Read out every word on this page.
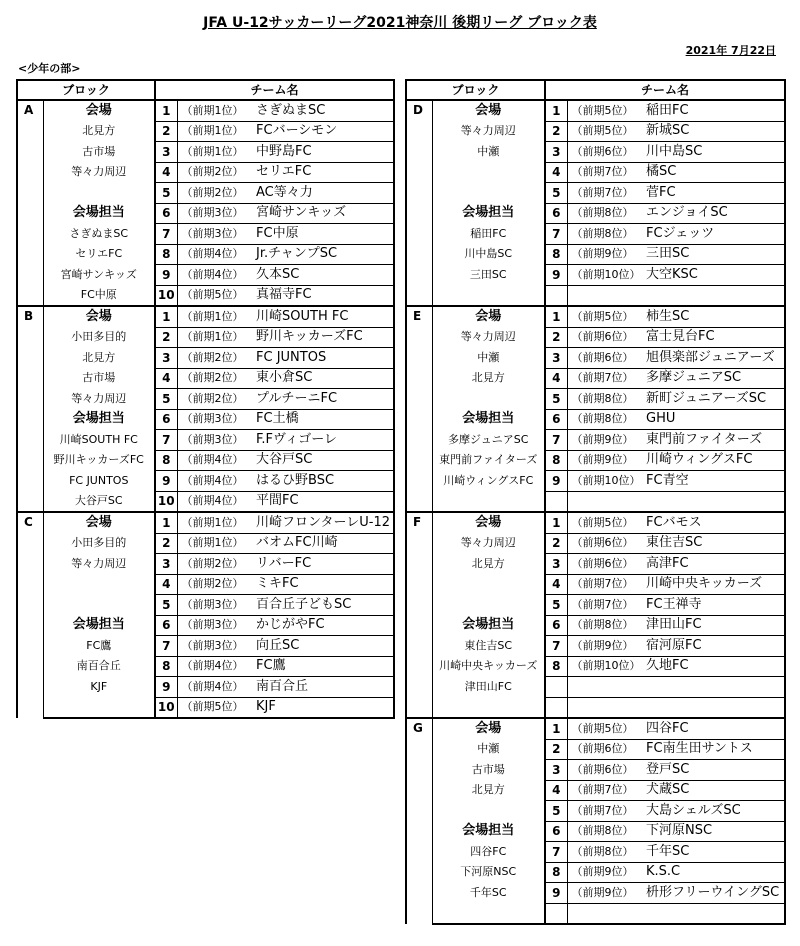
JFA U-12サッカーリーグ2021神奈川 後期リーグ ブロック表
2021年 7月22日
<少年の部>
ブロック		チーム名		
A	会場	1	（前期1位）	さぎぬまSC
	北見方	2	（前期1位）	FCバーシモン
	古市場	3	（前期1位）	中野島FC
	等々力周辺	4	（前期2位）	セリエFC
		5	（前期2位）	AC等々力
	会場担当	6	（前期3位）	宮崎サンキッズ
	さぎぬまSC	7	（前期3位）	FC中原
	セリエFC	8	（前期4位）	Jr.チャンプSC
	宮崎サンキッズ	9	（前期4位）	久本SC
	FC中原	10	（前期5位）	真福寺FC
B	会場	1	（前期1位）	川崎SOUTH FC
	小田多目的	2	（前期1位）	野川キッカーズFC
	北見方	3	（前期2位）	FC JUNTOS
	古市場	4	（前期2位）	東小倉SC
	等々力周辺	5	（前期2位）	プルチーニFC
	会場担当	6	（前期3位）	FC土橋
	川崎SOUTH FC	7	（前期3位）	F.Fヴィゴーレ
	野川キッカーズFC	8	（前期4位）	大谷戸SC
	FC JUNTOS	9	（前期4位）	はるひ野BSC
	大谷戸SC	10	（前期4位）	平間FC
C	会場	1	（前期1位）	川崎フロンターレU-12
	小田多目的	2	（前期1位）	バオムFC川崎
	等々力周辺	3	（前期2位）	リバーFC
		4	（前期2位）	ミキFC
		5	（前期3位）	百合丘子どもSC
	会場担当	6	（前期3位）	かじがやFC
	FC鷹	7	（前期3位）	向丘SC
	南百合丘	8	（前期4位）	FC鷹
	KJF	9	（前期4位）	南百合丘
		10	（前期5位）	KJF
ブロック		チーム名		
D	会場	1	（前期5位）	稲田FC
	等々力周辺	2	（前期5位）	新城SC
	中瀬	3	（前期6位）	川中島SC
		4	（前期7位）	橘SC
		5	（前期7位）	菅FC
	会場担当	6	（前期8位）	エンジョイSC
	稲田FC	7	（前期8位）	FCジェッツ
	川中島SC	8	（前期9位）	三田SC
	三田SC	9	（前期10位）	大空KSC

E	会場	1	（前期5位）	柿生SC
	等々力周辺	2	（前期6位）	富士見台FC
	中瀬	3	（前期6位）	旭倶楽部ジュニアーズ
	北見方	4	（前期7位）	多摩ジュニアSC
		5	（前期8位）	新町ジュニアーズSC
	会場担当	6	（前期8位）	GHU
	多摩ジュニアSC	7	（前期9位）	東門前ファイターズ
	東門前ファイターズ	8	（前期9位）	川崎ウィングスFC
	川崎ウィングスFC	9	（前期10位）	FC青空

F	会場	1	（前期5位）	FCバモス
	等々力周辺	2	（前期6位）	東住吉SC
	北見方	3	（前期6位）	高津FC
		4	（前期7位）	川崎中央キッカーズ
		5	（前期7位）	FC王禅寺
	会場担当	6	（前期8位）	津田山FC
	東住吉SC	7	（前期9位）	宿河原FC
	川崎中央キッカーズ	8	（前期10位）	久地FC
	津田山FC			

G	会場	1	（前期5位）	四谷FC
	中瀬	2	（前期6位）	FC南生田サントス
	古市場	3	（前期6位）	登戸SC
	北見方	4	（前期7位）	犬蔵SC
		5	（前期7位）	大島シェルズSC
	会場担当	6	（前期8位）	下河原NSC
	四谷FC	7	（前期8位）	千年SC
	下河原NSC	8	（前期9位）	K.S.C
	千年SC	9	（前期9位）	枡形フリーウイングSC
